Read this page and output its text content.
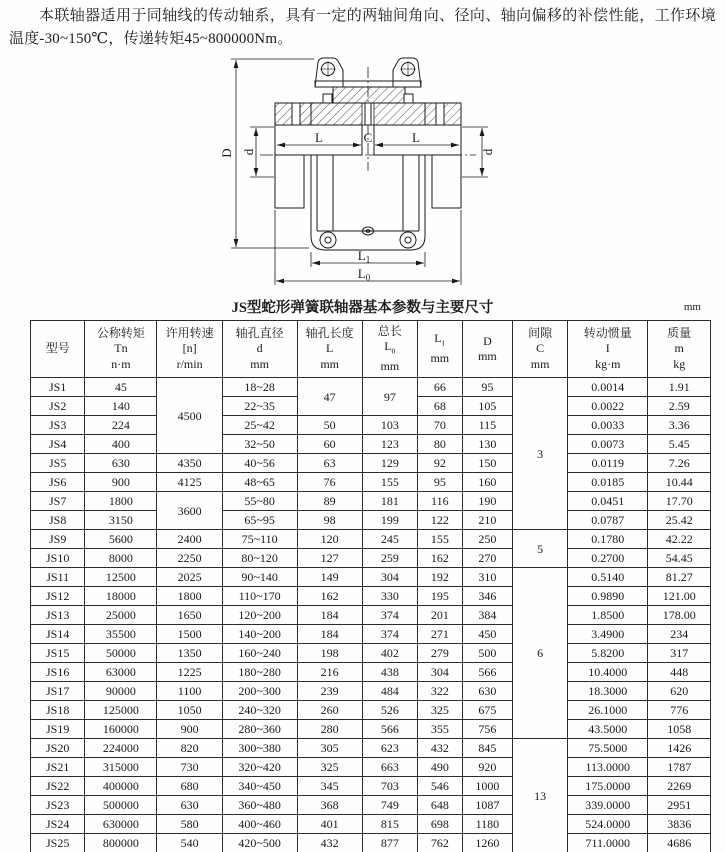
本联轴器适用于同轴线的传动轴系，具有一定的两轴间角向、径向、轴向偏移的补偿性能，工作环境温度-30~150℃，传递转矩45~800000Nm。

D d	d
L	C	L
L1
L0
JS型蛇形弹簧联轴器基本参数与主要尺寸	mm
型号

公称转矩
Tn
n·m

许用转速
[n]
r/min

轴孔直径
d
mm

轴孔长度
L
mm

总长
$L_0$
mm

$L_1$
mm

D
mm

间隙
C
mm

转动惯量
I
kg·m

质量
m
kg

JS1	45	4500	18~28	47	97	66	95	3	0.0014	1.91
JS2	140		22~35			68	105		0.0022	2.59
JS3	224		25~42	50	103	70	115		0.0033	3.36
JS4	400		32~50	60	123	80	130		0.0073	5.45
JS5	630	4350	40~56	63	129	92	150		0.0119	7.26
JS6	900	4125	48~65	76	155	95	160		0.0185	10.44
JS7	1800	3600	55~80	89	181	116	190		0.0451	17.70
JS8	3150		65~95	98	199	122	210		0.0787	25.42
JS9	5600	2400	75~110	120	245	155	250	5	0.1780	42.22
JS10	8000	2250	80~120	127	259	162	270		0.2700	54.45
JS11	12500	2025	90~140	149	304	192	310	6	0.5140	81.27
JS12	18000	1800	110~170	162	330	195	346		0.9890	121.00
JS13	25000	1650	120~200	184	374	201	384		1.8500	178.00
JS14	35500	1500	140~200	184	374	271	450		3.4900	234
JS15	50000	1350	160~240	198	402	279	500		5.8200	317
JS16	63000	1225	180~280	216	438	304	566		10.4000	448
JS17	90000	1100	200~300	239	484	322	630		18.3000	620
JS18	125000	1050	240~320	260	526	325	675		26.1000	776
JS19	160000	900	280~360	280	566	355	756		43.5000	1058
JS20	224000	820	300~380	305	623	432	845	13	75.5000	1426
JS21	315000	730	320~420	325	663	490	920		113.0000	1787
JS22	400000	680	340~450	345	703	546	1000		175.0000	2269
JS23	500000	630	360~480	368	749	648	1087		339.0000	2951
JS24	630000	580	400~460	401	815	698	1180		524.0000	3836
JS25	800000	540	420~500	432	877	762	1260		711.0000	4686
